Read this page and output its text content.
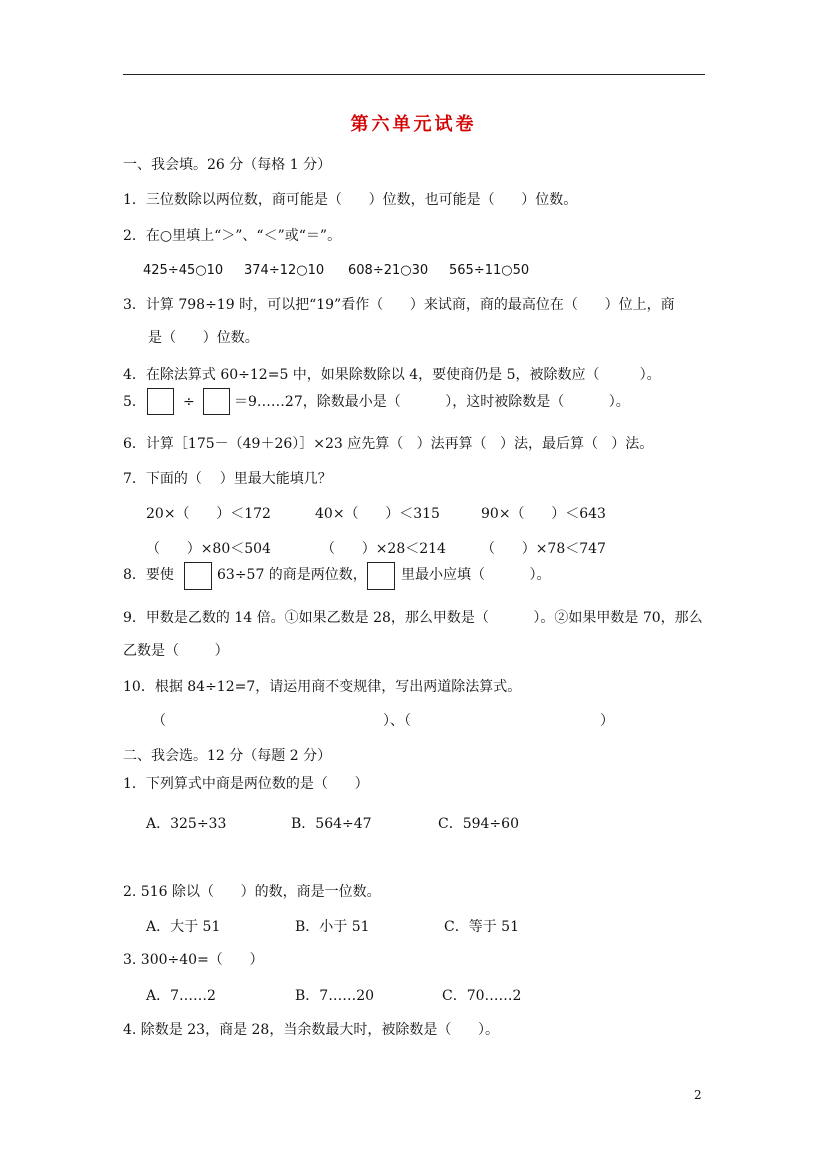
第六单元试卷
一、我会填。26 分（每格 1 分）
1．三位数除以两位数，商可能是（      ）位数，也可能是（      ）位数。
2．在○里填上“＞”、“＜”或“＝”。
425÷45○10 374÷12○10 608÷21○30 565÷11○50
3．计算 798÷19 时，可以把“19”看作（      ）来试商，商的最高位在（      ）位上，商
是（      ）位数。
4．在除法算式 60÷12=5 中，如果除数除以 4，要使商仍是 5，被除数应（         ）。
5．	÷	＝9……27，除数最小是（          ），这时被除数是（          ）。
6．计算［175－（49＋26）］×23 应先算（   ）法再算（   ）法，最后算（   ）法。
7．下面的（    ）里最大能填几？
20×（      ）＜172	40×（      ）＜315	90×（      ）＜643
（      ）×80＜504	（      ）×28＜214	（      ）×78＜747
8．要使	63÷57 的商是两位数， 里最小应填（          ）。
9．甲数是乙数的 14 倍。①如果乙数是 28，那么甲数是（          ）。②如果甲数是 70，那么
乙数是（        ）
10．根据 84÷12=7，请运用商不变规律，写出两道除法算式。
（	）、（	）
二、我会选。12 分（每题 2 分）
1．下列算式中商是两位数的是（      ）
A．325÷33	B．564÷47	C．594÷60
2. 516 除以（      ）的数，商是一位数。
A．大于 51	B．小于 51	C．等于 51
3. 300÷40=（      ）
A．7……2	B．7……20	C．70……2
4. 除数是 23，商是 28，当余数最大时，被除数是（      ）。
2
